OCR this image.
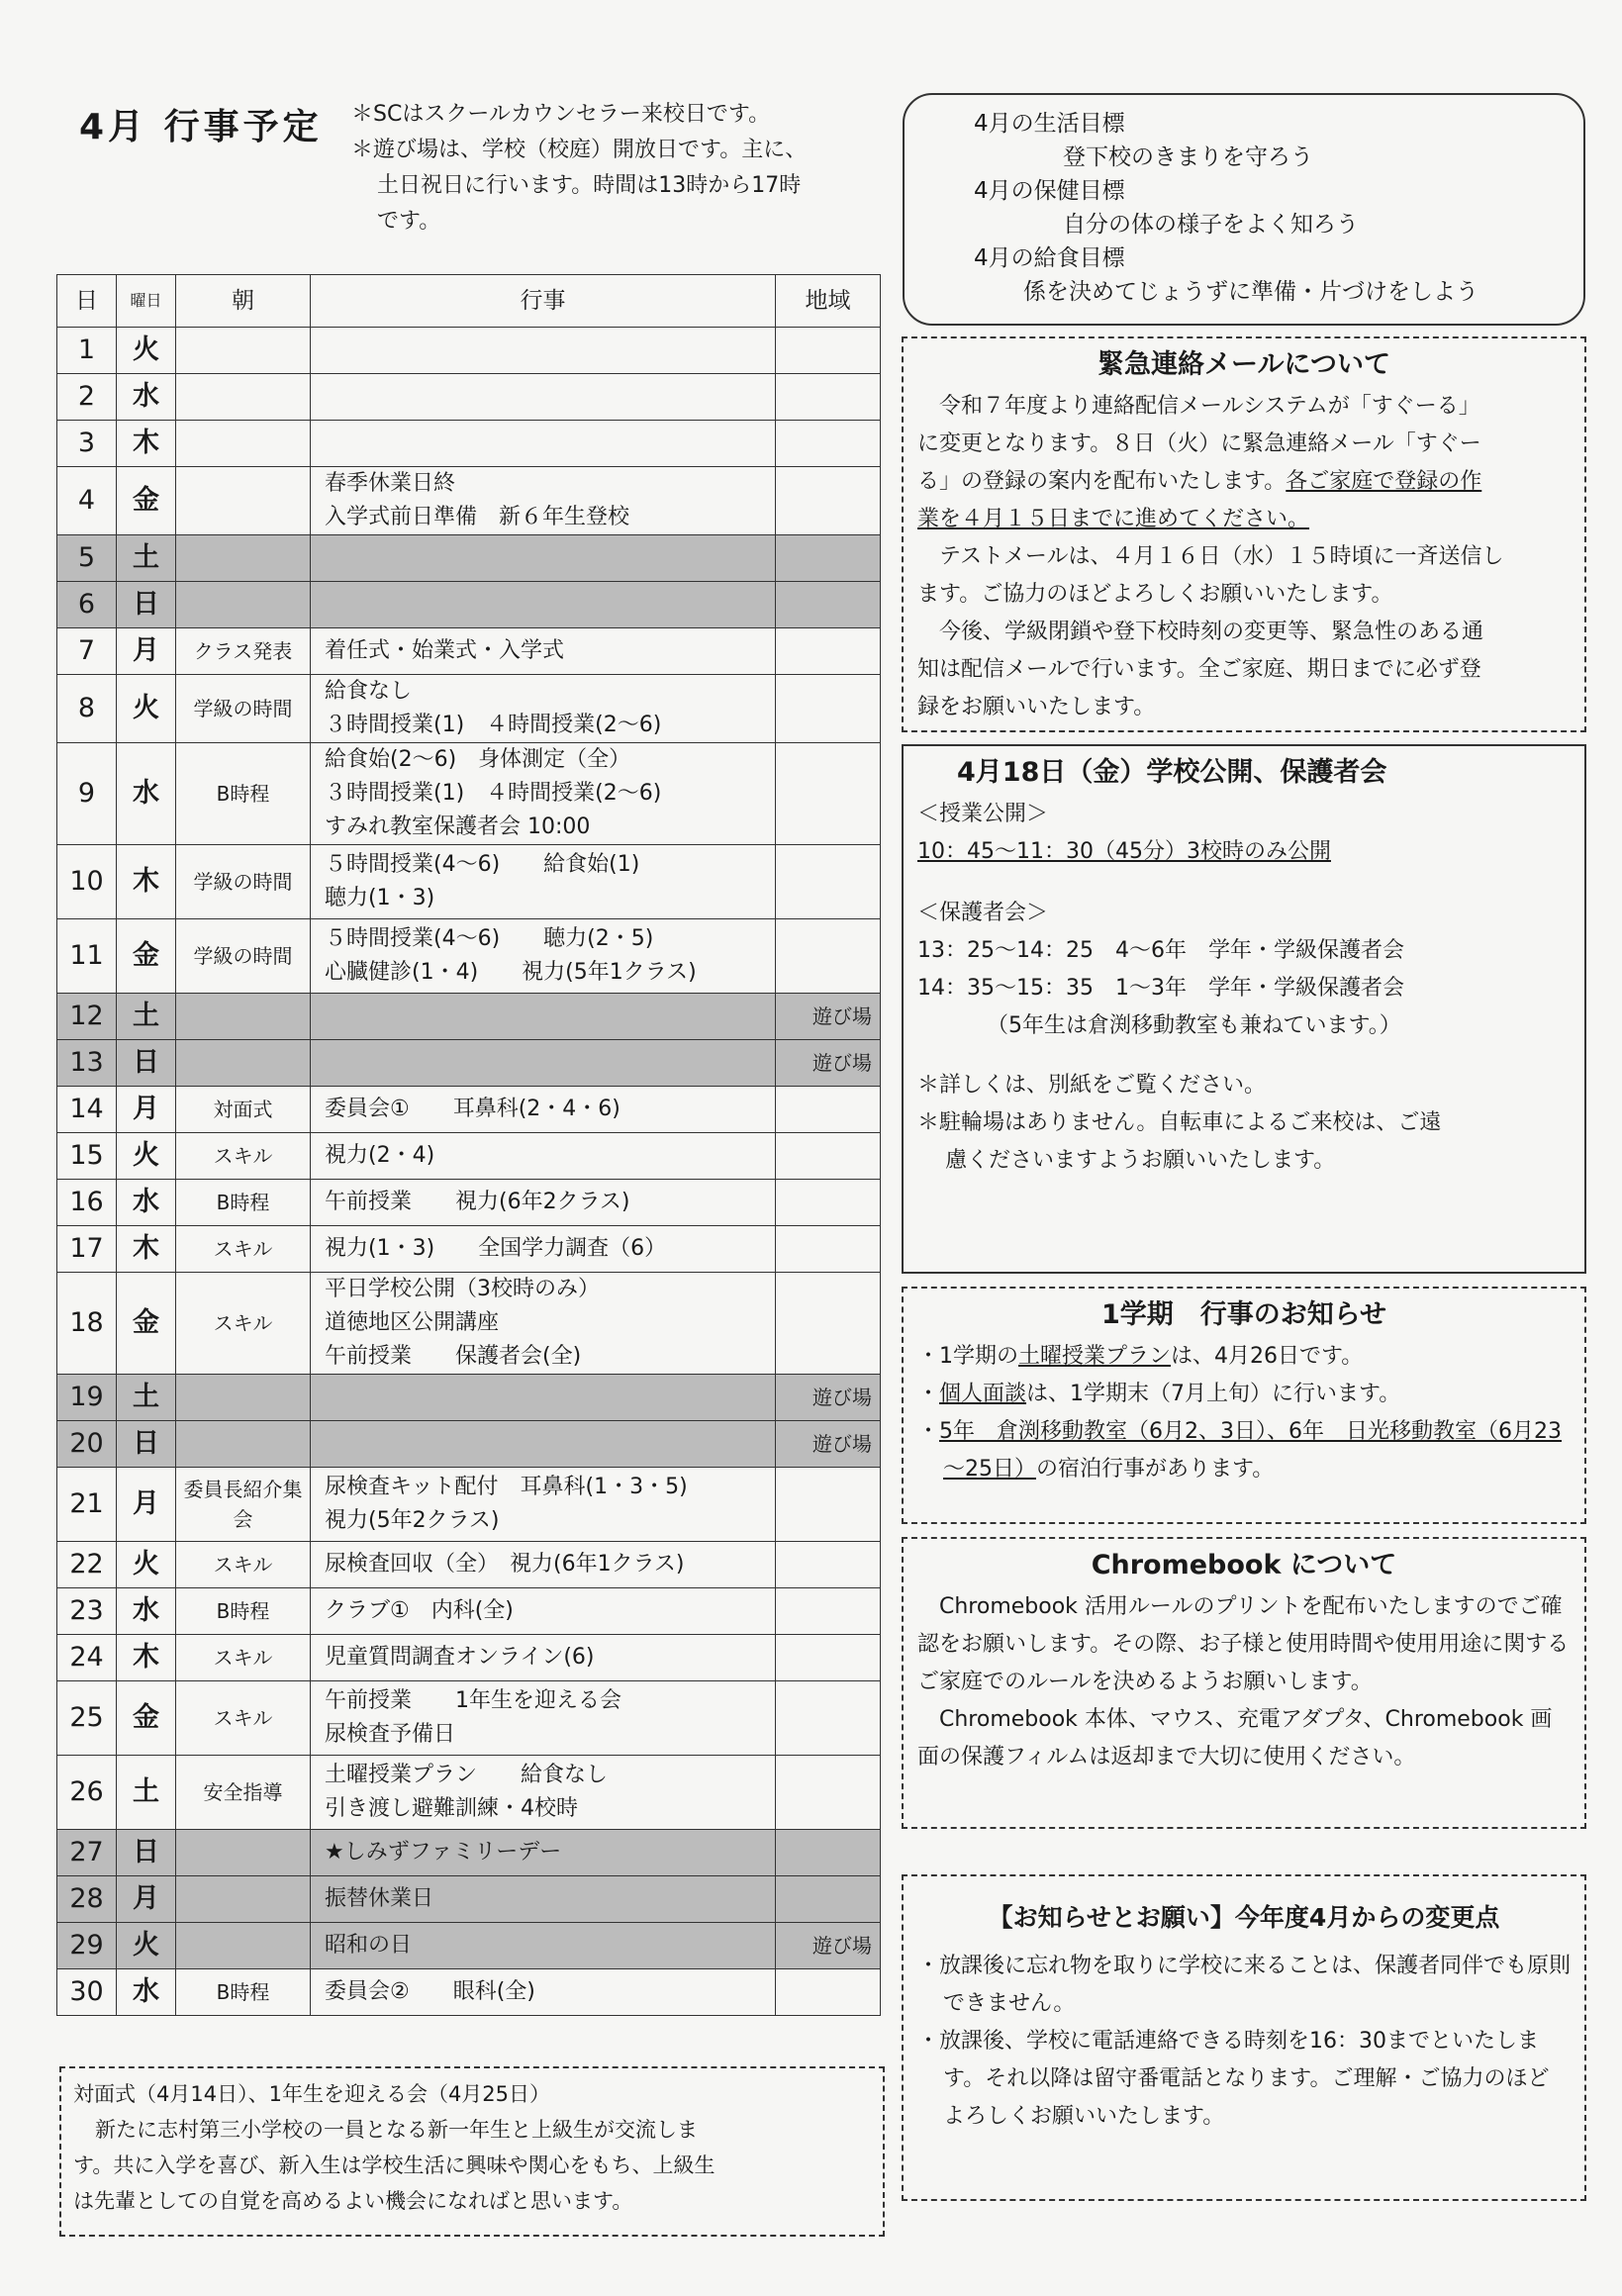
4月 行事予定 ＊SCはスクールカウンセラー来校日です。
＊遊び場は、学校（校庭）開放日です。主に、
土日祝日に行います。時間は13時から17時
です。
日	曜日	朝	行事	地域
1	火			
2	水			
3	木			
4	金		春季休業日終
入学式前日準備　新６年生登校	

5	土			
6	日			
7	月	クラス発表	着任式・始業式・入学式	

8	火	学級の時間	給食なし
３時間授業(1)　４時間授業(2～6)	

9	水	B時程	給食始(2～6)　身体測定（全）
３時間授業(1)　４時間授業(2～6)
すみれ教室保護者会 10:00	

10	木	学級の時間	５時間授業(4～6)　　給食始(1)
聴力(1・3)	

11	金	学級の時間	５時間授業(4～6)　　聴力(2・5)
心臓健診(1・4)　　視力(5年1クラス)	

12	土			遊び場
13	日			遊び場
14	月	対面式	委員会①　　耳鼻科(2・4・6)	

15	火	スキル	視力(2・4)	

16	水	B時程	午前授業　　視力(6年2クラス)	

17	木	スキル	視力(1・3)　　全国学力調査（6）	

18	金	スキル	平日学校公開（3校時のみ）
道徳地区公開講座
午前授業　　保護者会(全)	

19	土			遊び場
20	日			遊び場
21	月	委員長紹介集会	尿検査キット配付　耳鼻科(1・3・5)
視力(5年2クラス)	

22	火	スキル	尿検査回収（全）　視力(6年1クラス)	

23	水	B時程	クラブ①　内科(全)	

24	木	スキル	児童質問調査オンライン(6)	

25	金	スキル	午前授業　　1年生を迎える会
尿検査予備日	

26	土	安全指導	土曜授業プラン　　給食なし
引き渡し避難訓練・4校時	

27	日		★しみずファミリーデー	

28	月		振替休業日	

29	火		昭和の日	遊び場
30	水	B時程	委員会②　　眼科(全)	

対面式（4月14日）、1年生を迎える会（4月25日）
新たに志村第三小学校の一員となる新一年生と上級生が交流しま
す。共に入学を喜び、新入生は学校生活に興味や関心をもち、上級生
は先輩としての自覚を高めるよい機会になればと思います。
4月の生活目標
登下校のきまりを守ろう
4月の保健目標
自分の体の様子をよく知ろう
4月の給食目標
係を決めてじょうずに準備・片づけをしよう
緊急連絡メールについて
令和７年度より連絡配信メールシステムが「すぐーる」
に変更となります。８日（火）に緊急連絡メール「すぐー
る」の登録の案内を配布いたします。各ご家庭で登録の作
業を４月１５日までに進めてください。
テストメールは、４月１６日（水）１５時頃に一斉送信し
ます。ご協力のほどよろしくお願いいたします。
今後、学級閉鎖や登下校時刻の変更等、緊急性のある通
知は配信メールで行います。全ご家庭、期日までに必ず登
録をお願いいたします。
4月18日（金）学校公開、保護者会
＜授業公開＞
10：45～11：30（45分）3校時のみ公開
＜保護者会＞
13：25～14：25　4～6年　学年・学級保護者会
14：35～15：35　1～3年　学年・学級保護者会
（5年生は倉渕移動教室も兼ねています。）
＊詳しくは、別紙をご覧ください。
＊駐輪場はありません。自転車によるご来校は、ご遠
慮くださいますようお願いいたします。
1学期　行事のお知らせ
・1学期の土曜授業プランは、4月26日です。
・個人面談は、1学期末（7月上旬）に行います。
・5年　倉渕移動教室（6月2、3日）、6年　日光移動教室（6月23～25日）の宿泊行事があります。
Chromebook について
Chromebook 活用ルールのプリントを配布いたしますのでご確認をお願いします。その際、お子様と使用時間や使用用途に関するご家庭でのルールを決めるようお願いします。
Chromebook 本体、マウス、充電アダプタ、Chromebook 画面の保護フィルムは返却まで大切に使用ください。
【お知らせとお願い】今年度4月からの変更点
・放課後に忘れ物を取りに学校に来ることは、保護者同伴でも原則できません。
・放課後、学校に電話連絡できる時刻を16：30までといたします。それ以降は留守番電話となります。ご理解・ご協力のほどよろしくお願いいたします。
